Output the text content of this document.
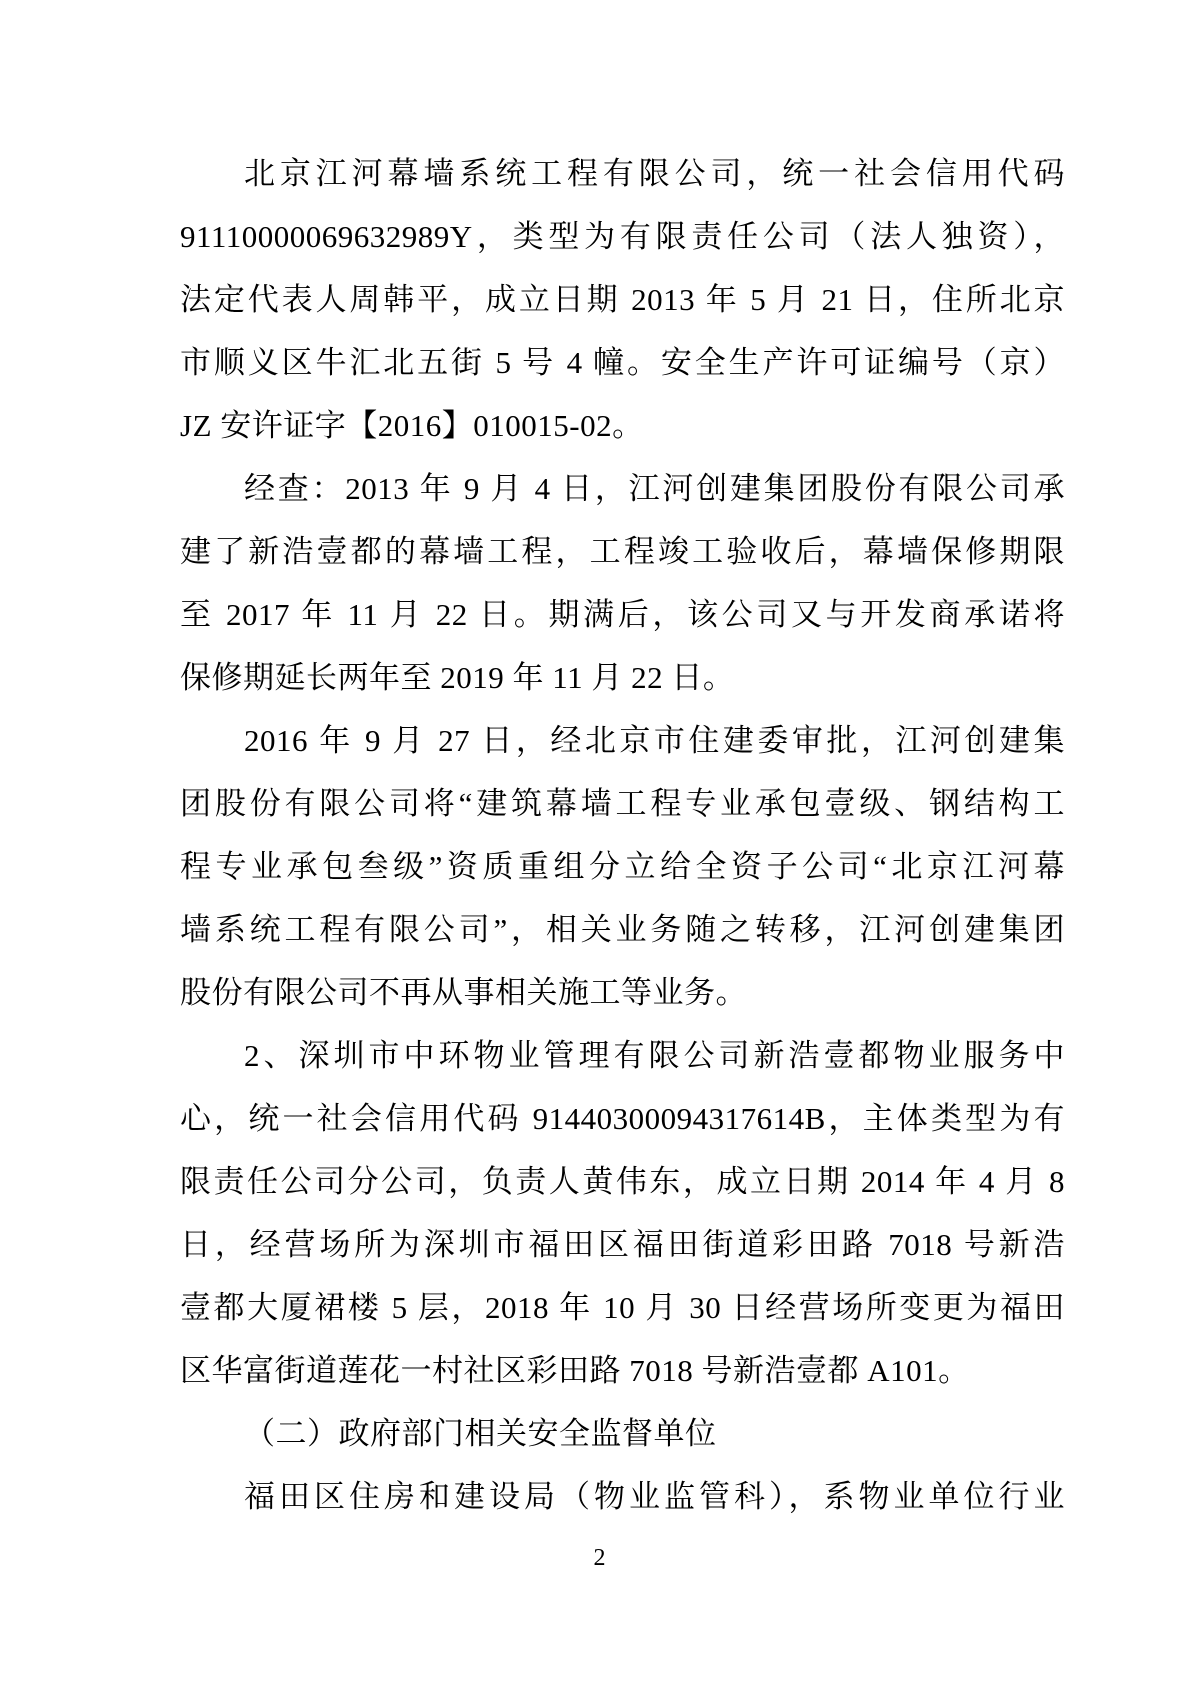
北京江河幕墙系统工程有限公司，统一社会信用代码
91110000069632989Y，类型为有限责任公司（法人独资），
法定代表人周韩平，成立日期 2013 年 5 月 21 日，住所北京
市顺义区牛汇北五街 5 号 4 幢。安全生产许可证编号（京）
JZ 安许证字【2016】010015-02。
经查：2013 年 9 月 4 日，江河创建集团股份有限公司承
建了新浩壹都的幕墙工程，工程竣工验收后，幕墙保修期限
至 2017 年 11 月 22 日。期满后，该公司又与开发商承诺将
保修期延长两年至 2019 年 11 月 22 日。
2016 年 9 月 27 日，经北京市住建委审批，江河创建集
团股份有限公司将“建筑幕墙工程专业承包壹级、钢结构工
程专业承包叁级”资质重组分立给全资子公司“北京江河幕
墙系统工程有限公司”，相关业务随之转移，江河创建集团
股份有限公司不再从事相关施工等业务。
2、深圳市中环物业管理有限公司新浩壹都物业服务中
心，统一社会信用代码 91440300094317614B，主体类型为有
限责任公司分公司，负责人黄伟东，成立日期 2014 年 4 月 8
日，经营场所为深圳市福田区福田街道彩田路 7018 号新浩
壹都大厦裙楼 5 层，2018 年 10 月 30 日经营场所变更为福田
区华富街道莲花一村社区彩田路 7018 号新浩壹都 A101。
（二）政府部门相关安全监督单位
福田区住房和建设局（物业监管科），系物业单位行业
2
